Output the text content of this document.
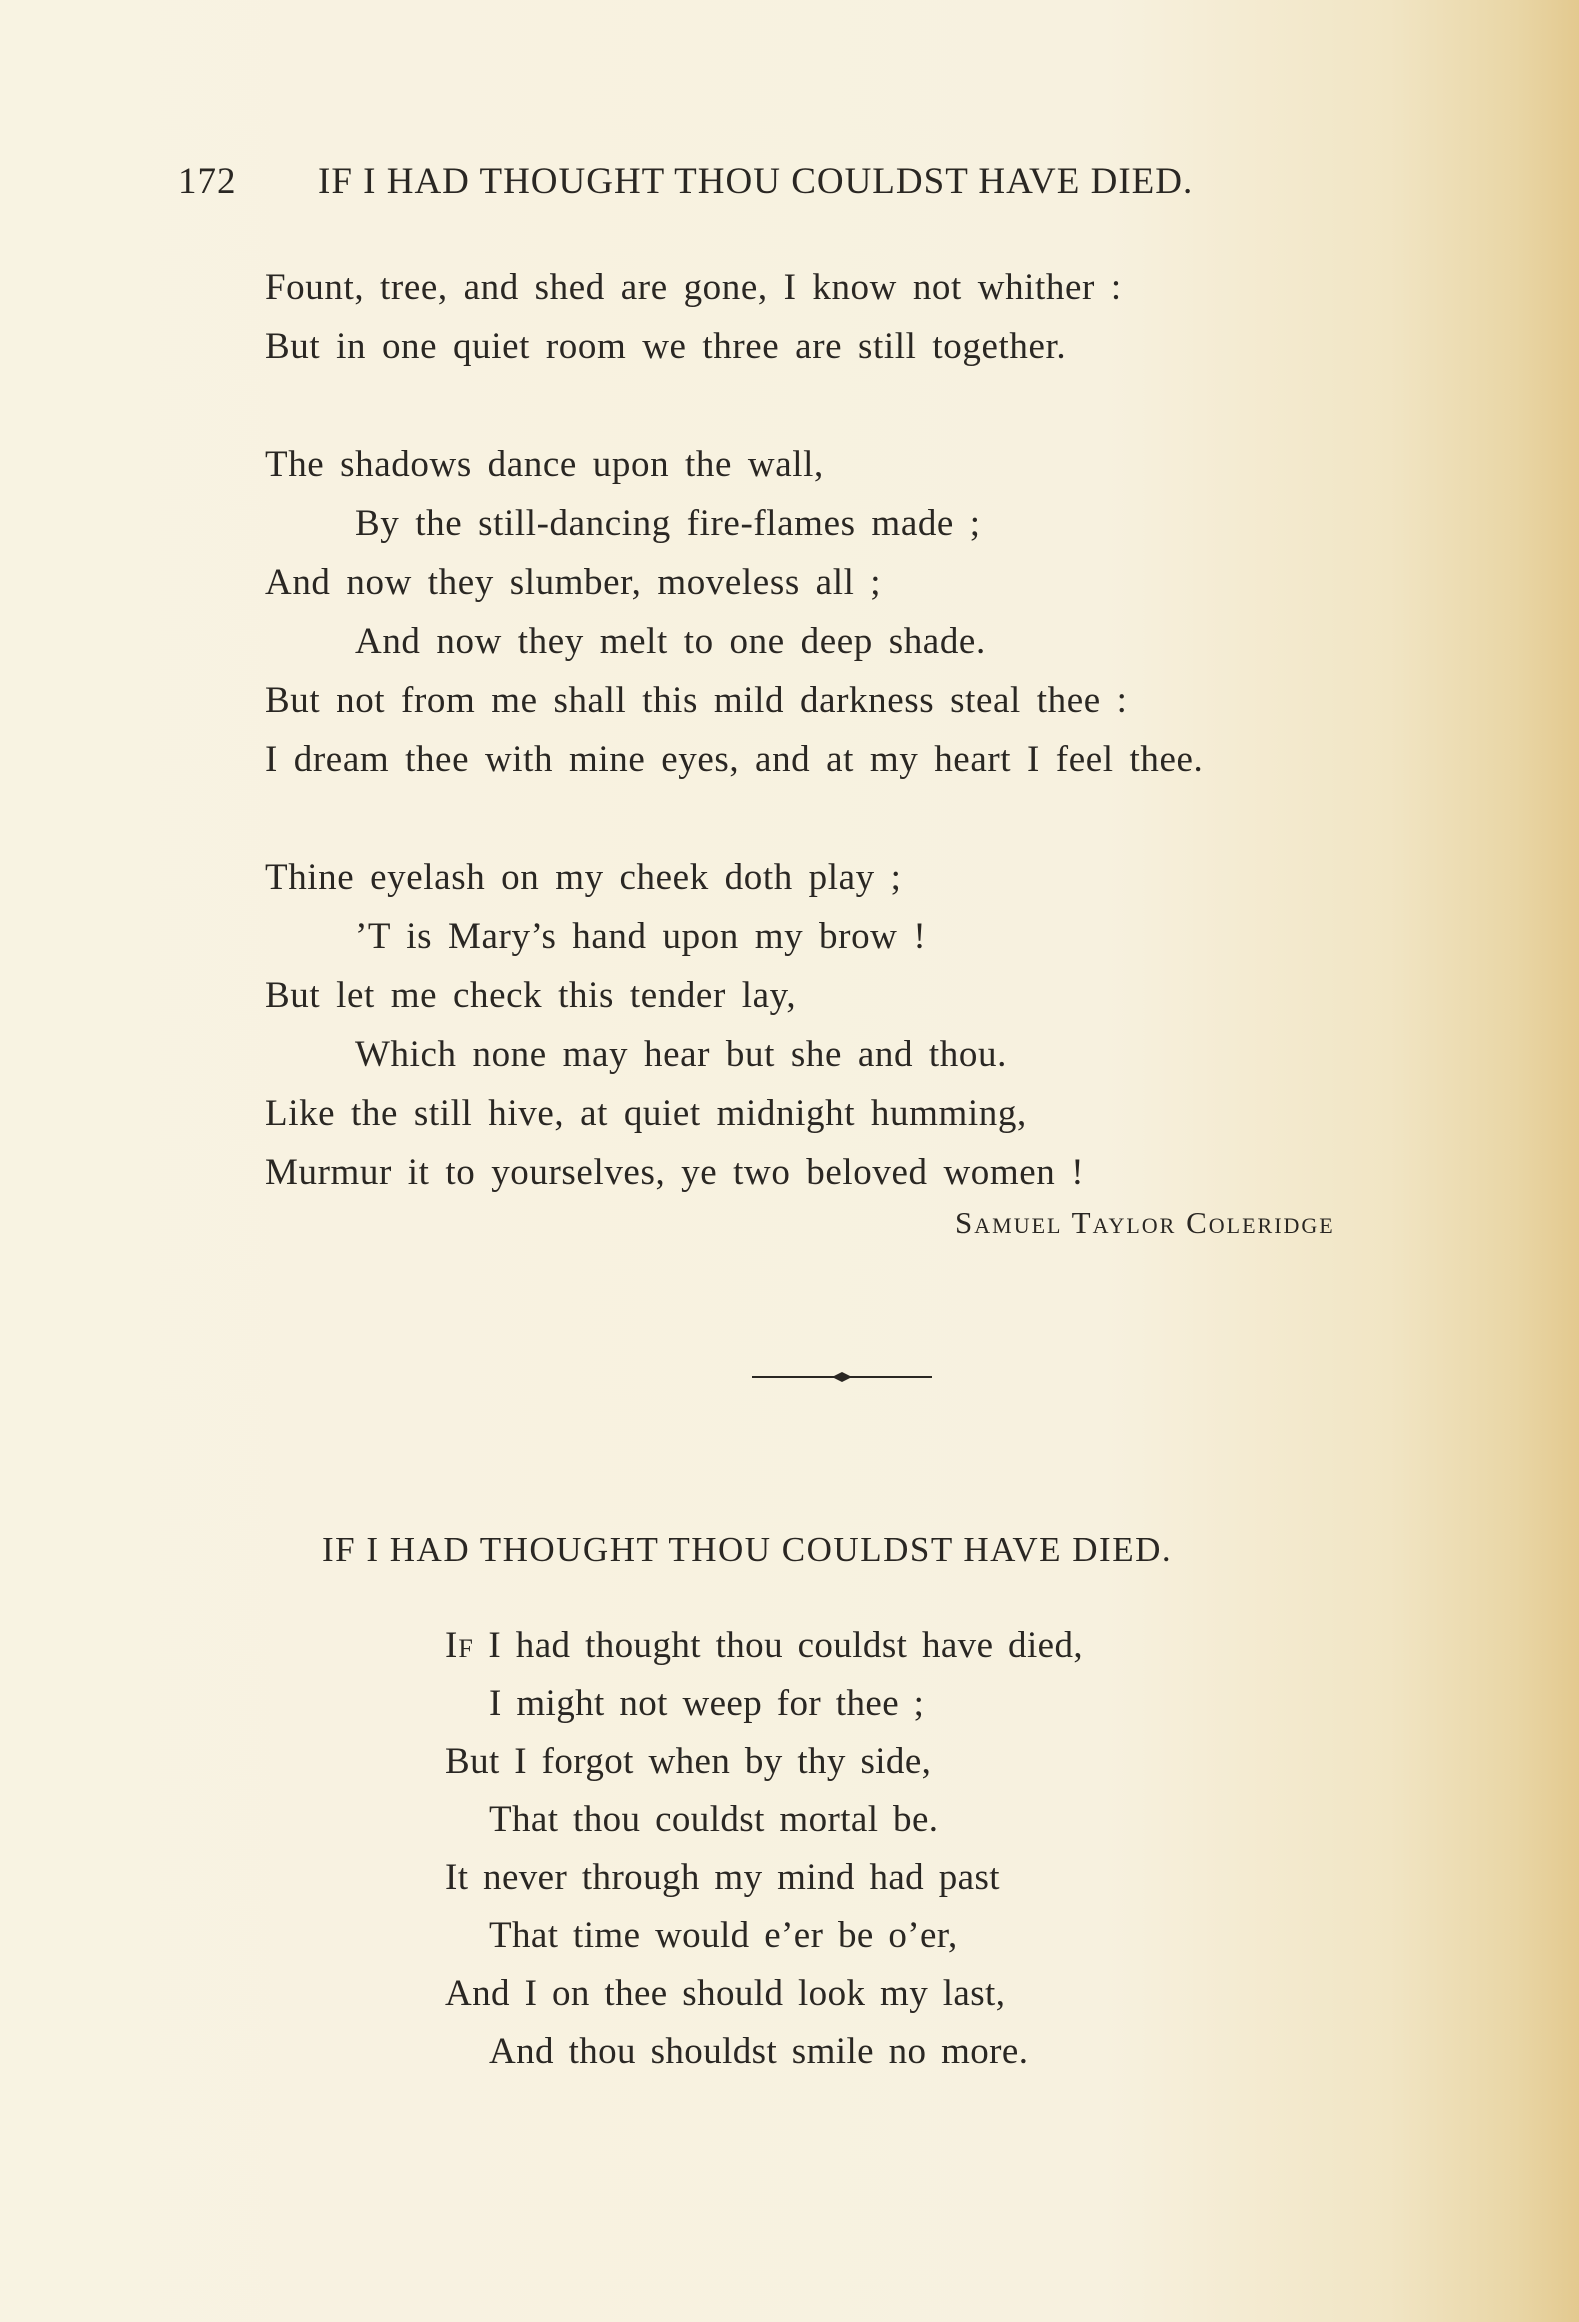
172 IF I HAD THOUGHT THOU COULDST HAVE DIED.
Fount, tree, and shed are gone, I know not whither :
But in one quiet room we three are still together.
The shadows dance upon the wall,
By the still-dancing fire-flames made ;
And now they slumber, moveless all ;
And now they melt to one deep shade.
But not from me shall this mild darkness steal thee :
I dream thee with mine eyes, and at my heart I feel thee.
Thine eyelash on my cheek doth play ;
’T is Mary’s hand upon my brow !
But let me check this tender lay,
Which none may hear but she and thou.
Like the still hive, at quiet midnight humming,
Murmur it to yourselves, ye two beloved women !
Samuel Taylor Coleridge
IF I HAD THOUGHT THOU COULDST HAVE DIED.
If I had thought thou couldst have died,
I might not weep for thee ;
But I forgot when by thy side,
That thou couldst mortal be.
It never through my mind had past
That time would e’er be o’er,
And I on thee should look my last,
And thou shouldst smile no more.
